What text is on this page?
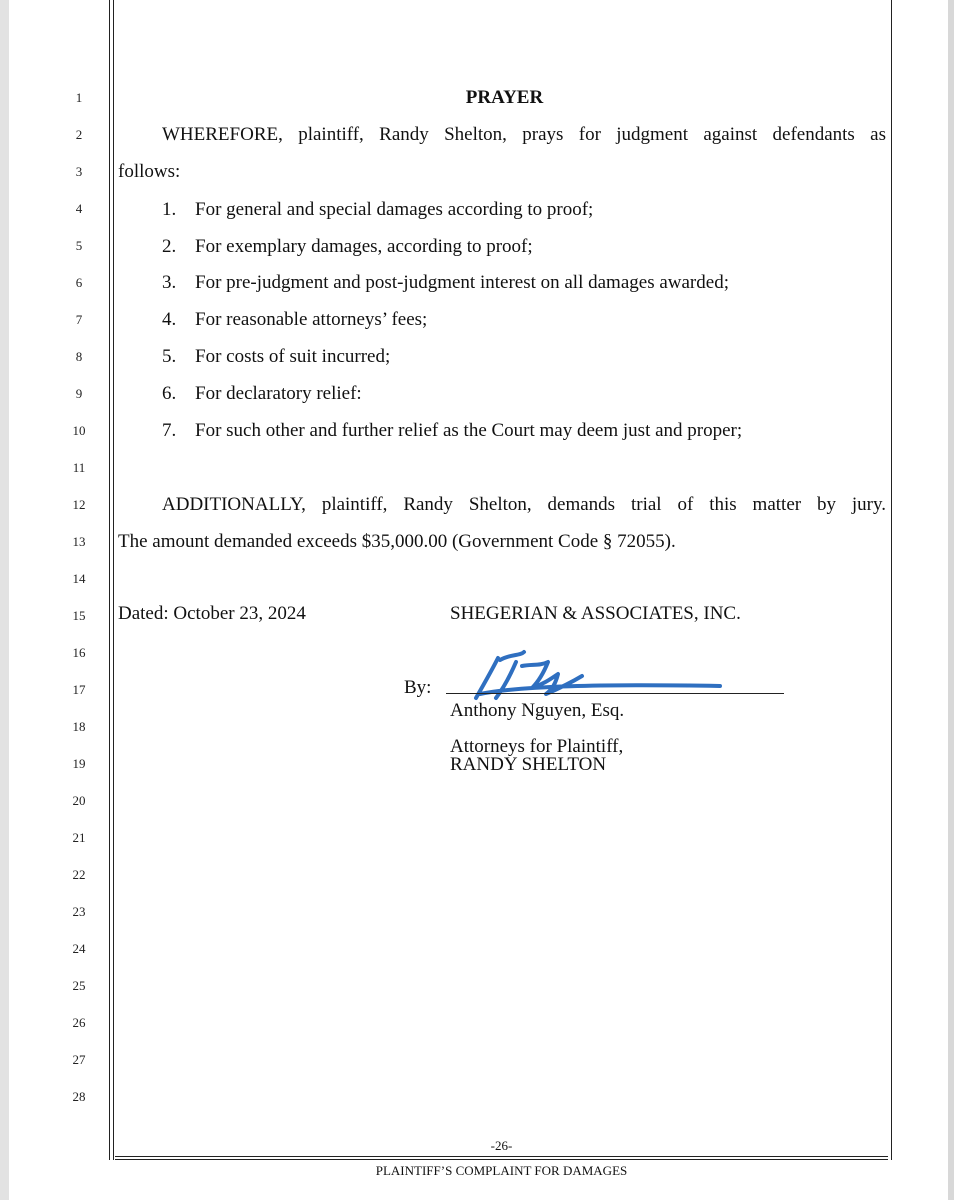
1
2
3
4
5
6
7
8
9
10
11
12
13
14
15
16
17
18
19
20
21
22
23
24
25
26
27
28
PRAYER
WHEREFORE, plaintiff, Randy Shelton, prays for judgment against defendants as
follows:
1. For general and special damages according to proof;
2. For exemplary damages, according to proof;
3. For pre-judgment and post-judgment interest on all damages awarded;
4. For reasonable attorneys’ fees;
5. For costs of suit incurred;
6. For declaratory relief:
7. For such other and further relief as the Court may deem just and proper;
ADDITIONALLY, plaintiff, Randy Shelton, demands trial of this matter by jury.
The amount demanded exceeds $35,000.00 (Government Code § 72055).
Dated: October 23, 2024	SHEGERIAN & ASSOCIATES, INC.
By:
Anthony Nguyen, Esq.
Attorneys for Plaintiff,
RANDY SHELTON
-26-
PLAINTIFF’S COMPLAINT FOR DAMAGES
